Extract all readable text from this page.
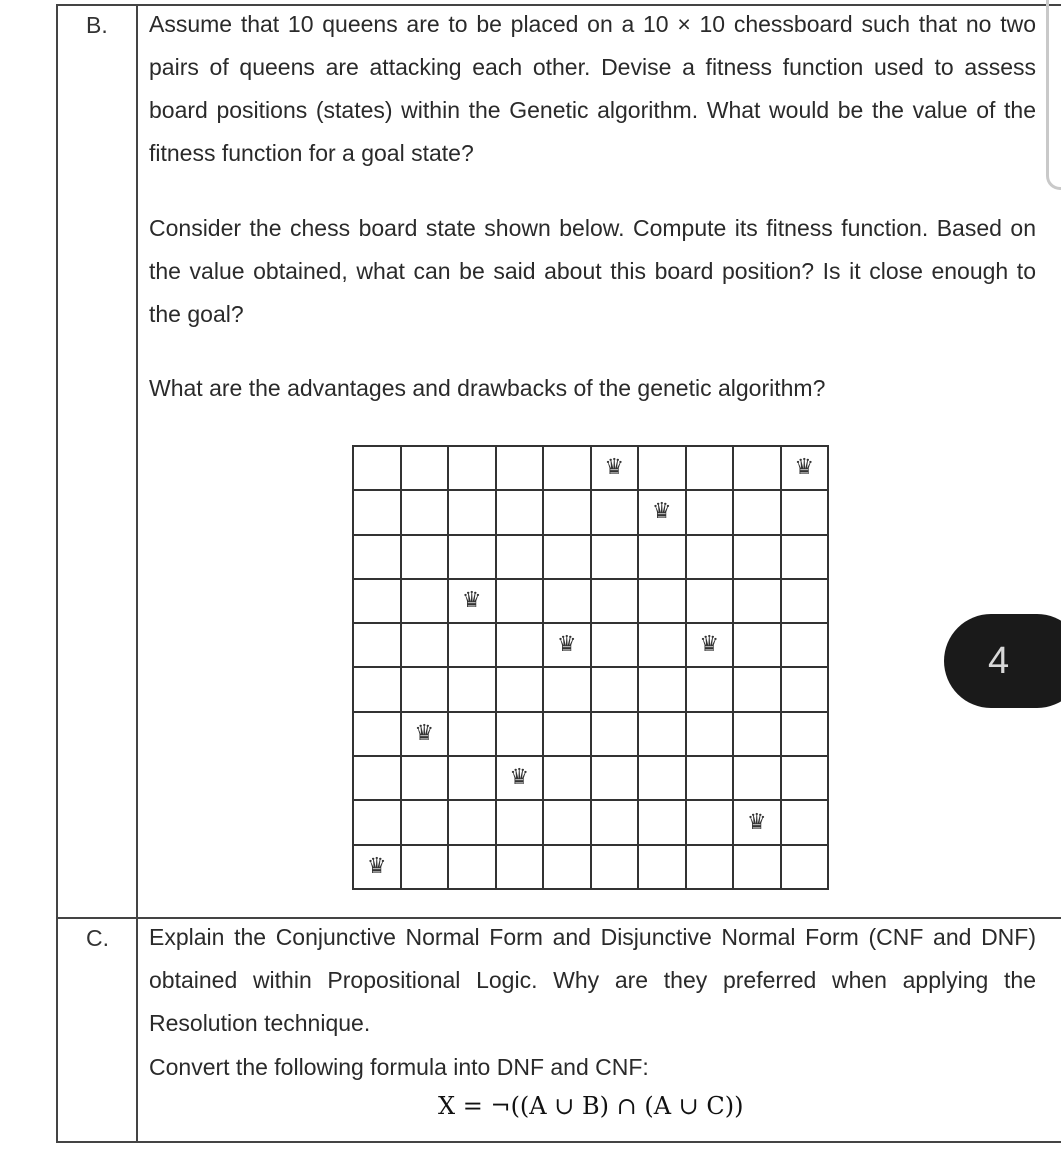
B. Assume that 10 queens are to be placed on a 10 × 10 chessboard such that no two pairs of queens are attacking each other. Devise a fitness function used to assess board positions (states) within the Genetic algorithm. What would be the value of the fitness function for a goal state?
Consider the chess board state shown below. Compute its fitness function. Based on the value obtained, what can be said about this board position? Is it close enough to the goal?
What are the advantages and drawbacks of the genetic algorithm?
♛	♛
♛
♛
♛	♛
♛
♛
♛
♛
4
C. Explain the Conjunctive Normal Form and Disjunctive Normal Form (CNF and DNF) obtained within Propositional Logic. Why are they preferred when applying the Resolution technique.
Convert the following formula into DNF and CNF:
X = ¬((A ∪ B) ∩ (A ∪ C))
